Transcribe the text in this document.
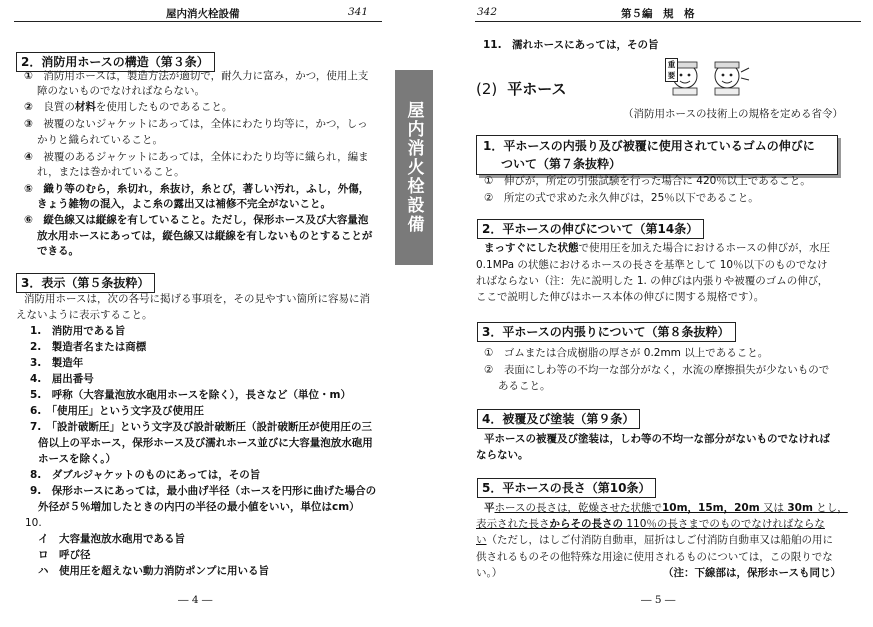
屋内消火栓設備	341
2．消防用ホースの構造（第３条）
①　 消防用ホースは，製造方法が適切で，耐久力に富み，かつ，使用上支
障のないものでなければならない。
②　 良質の材料を使用したものであること。
③　 被覆のないジャケットにあっては，全体にわたり均等に，かつ，しっ
かりと織られていること。
④　 被覆のあるジャケットにあっては，全体にわたり均等に織られ，編ま
れ，または巻かれていること。
⑤　 織り等のむら，糸切れ，糸抜け，糸とび，著しい汚れ，ふし，外傷，
きょう雑物の混入，よこ糸の露出又は補修不完全がないこと。
⑥　 縦色線又は縦線を有していること。ただし，保形ホース及び大容量泡
放水用ホースにあっては，縦色線又は縦線を有しないものとすることが
できる。
3．表示（第５条抜粋）
消防用ホースは，次の各号に掲げる事項を，その見やすい箇所に容易に消
えないように表示すること。
1.　 消防用である旨
2.　 製造者名または商標
3.　 製造年
4.　 届出番号
5.　 呼称（大容量泡放水砲用ホースを除く），長さなど（単位・m）
6.　 「使用圧」という文字及び使用圧
7.　 「設計破断圧」という文字及び設計破断圧（設計破断圧が使用圧の三
倍以上の平ホース，保形ホース及び濡れホース並びに大容量泡放水砲用
ホースを除く。）
8.　 ダブルジャケットのものにあっては，その旨
9.　 保形ホースにあっては，最小曲げ半径（ホースを円形に曲げた場合の
外径が５％増加したときの内円の半径の最小値をいい，単位はcm）
10.
イ　 大容量泡放水砲用である旨
ロ　 呼び径
ハ　 使用圧を超えない動力消防ポンプに用いる旨
― 4 ―
屋内消火栓設備
342	第５編　規　格
11.　 濡れホースにあっては，その旨
重要
(2) 平ホース
（消防用ホースの技術上の規格を定める省令）
1．平ホースの内張り及び被覆に使用されているゴムの伸びに
ついて（第７条抜粋）
①　 伸びが，所定の引張試験を行った場合に 420％以上であること。
②　 所定の式で求めた永久伸びは，25％以下であること。
2．平ホースの伸びについて（第14条）
まっすぐにした状態で使用圧を加えた場合におけるホースの伸びが，水圧
0.1MPa の状態におけるホースの長さを基準として 10％以下のものでなけ
ればならない（注：先に説明した 1. の伸びは内張りや被覆のゴムの伸び，
ここで説明した伸びはホース本体の伸びに関する規格です）。
3．平ホースの内張りについて（第８条抜粋）
①　 ゴムまたは合成樹脂の厚さが 0.2mm 以上であること。
②　 表面にしわ等の不均一な部分がなく，水流の摩擦損失が少ないもので
あること。
4．被覆及び塗装（第９条）
平ホースの被覆及び塗装は，しわ等の不均一な部分がないものでなければ
ならない。
5．平ホースの長さ（第10条）
平ホースの長さは，乾燥させた状態で10m，15m，20m 又は 30m とし，
表示された長さからその長さの 110％の長さまでのものでなければならな
い（ただし，はしご付消防自動車，屈折はしご付消防自動車又は船舶の用に
供されるものその他特殊な用途に使用されるものについては，この限りでな
い。）	（注：下線部は，保形ホースも同じ）
― 5 ―
